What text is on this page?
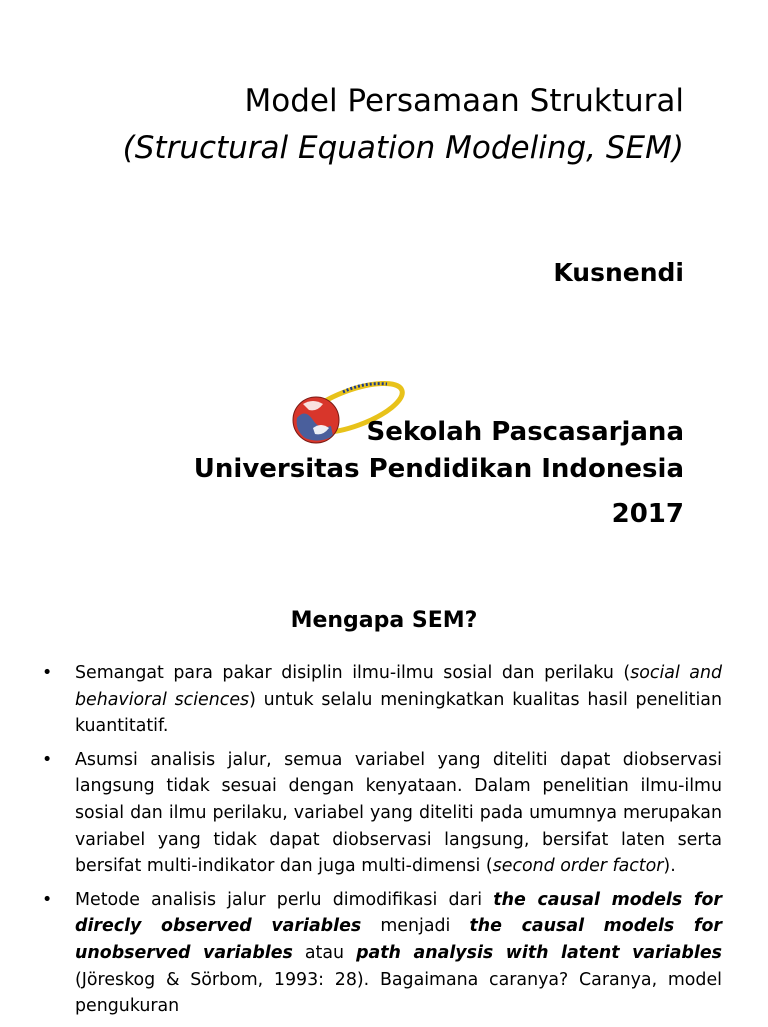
Model Persamaan Struktural
(Structural Equation Modeling, SEM)
Kusnendi
Sekolah Pascasarjana
Universitas Pendidikan Indonesia
2017
Mengapa SEM?
• Semangat para pakar disiplin ilmu-ilmu sosial dan perilaku (social and behavioral sciences) untuk selalu meningkatkan kualitas hasil penelitian kuantitatif.
• Asumsi analisis jalur, semua variabel yang diteliti dapat diobservasi langsung tidak sesuai dengan kenyataan. Dalam penelitian ilmu-ilmu sosial dan ilmu perilaku, variabel yang diteliti pada umumnya merupakan variabel yang tidak dapat diobservasi langsung, bersifat laten serta bersifat multi-indikator dan juga multi-dimensi (second order factor).
• Metode analisis jalur perlu dimodifikasi dari the causal models for direcly observed variables menjadi the causal models for unobserved variables atau path analysis with latent variables (Jöreskog & Sörbom, 1993: 28). Bagaimana caranya? Caranya, model pengukuran
